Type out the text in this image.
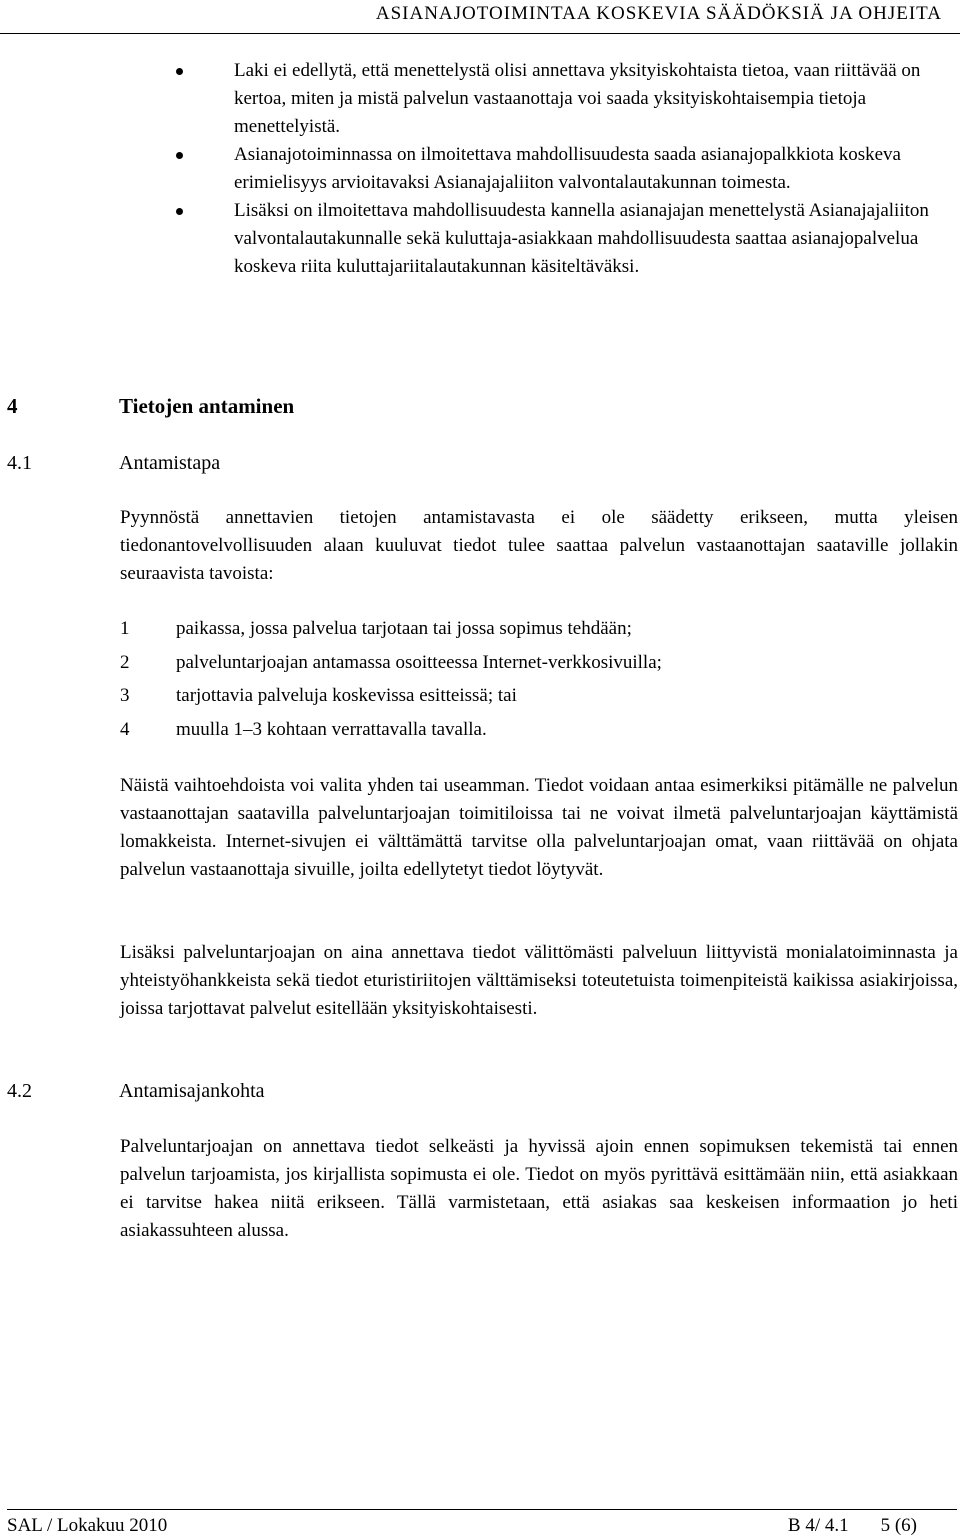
ASIANAJOTOIMINTAA KOSKEVIA SÄÄDÖKSIÄ JA OHJEITA
Laki ei edellytä, että menettelystä olisi annettava yksityiskohtaista tietoa, vaan riittävää on kertoa, miten ja mistä palvelun vastaanottaja voi saada yksityiskohtaisempia tietoja menettelyistä.
Asianajotoiminnassa on ilmoitettava mahdollisuudesta saada asianajopalkkiota koskeva erimielisyys arvioitavaksi Asianajajaliiton valvontalautakunnan toimesta.
Lisäksi on ilmoitettava mahdollisuudesta kannella asianajajan menettelystä Asianajajaliiton valvontalautakunnalle sekä kuluttaja-asiakkaan mahdollisuudesta saattaa asianajopalvelua koskeva riita kuluttajariitalautakunnan käsiteltäväksi.
4	Tietojen antaminen
4.1	Antamistapa
Pyynnöstä annettavien tietojen antamistavasta ei ole säädetty erikseen, mutta yleisen tiedonantovelvollisuuden alaan kuuluvat tiedot tulee saattaa palvelun vastaanottajan saataville jollakin seuraavista tavoista:
1 paikassa, jossa palvelua tarjotaan tai jossa sopimus tehdään;
2 palveluntarjoajan antamassa osoitteessa Internet-verkkosivuilla;
3 tarjottavia palveluja koskevissa esitteissä; tai
4 muulla 1–3 kohtaan verrattavalla tavalla.
Näistä vaihtoehdoista voi valita yhden tai useamman. Tiedot voidaan antaa esimerkiksi pitämälle ne palvelun vastaanottajan saatavilla palveluntarjoajan toimitiloissa tai ne voivat ilmetä palveluntarjoajan käyttämistä lomakkeista. Internet-sivujen ei välttämättä tarvitse olla palveluntarjoajan omat, vaan riittävää on ohjata palvelun vastaanottaja sivuille, joilta edellytetyt tiedot löytyvät.
Lisäksi palveluntarjoajan on aina annettava tiedot välittömästi palveluun liittyvistä monialatoiminnasta ja yhteistyöhankkeista sekä tiedot eturistiriitojen välttämiseksi toteutetuista toimenpiteistä kaikissa asiakirjoissa, joissa tarjottavat palvelut esitellään yksityiskohtaisesti.
4.2	Antamisajankohta
Palveluntarjoajan on annettava tiedot selkeästi ja hyvissä ajoin ennen sopimuksen tekemistä tai ennen palvelun tarjoamista, jos kirjallista sopimusta ei ole. Tiedot on myös pyrittävä esittämään niin, että asiakkaan ei tarvitse hakea niitä erikseen. Tällä varmistetaan, että asiakas saa keskeisen informaation jo heti asiakassuhteen alussa.
SAL / Lokakuu 2010	B 4/ 4.1 5 (6)
